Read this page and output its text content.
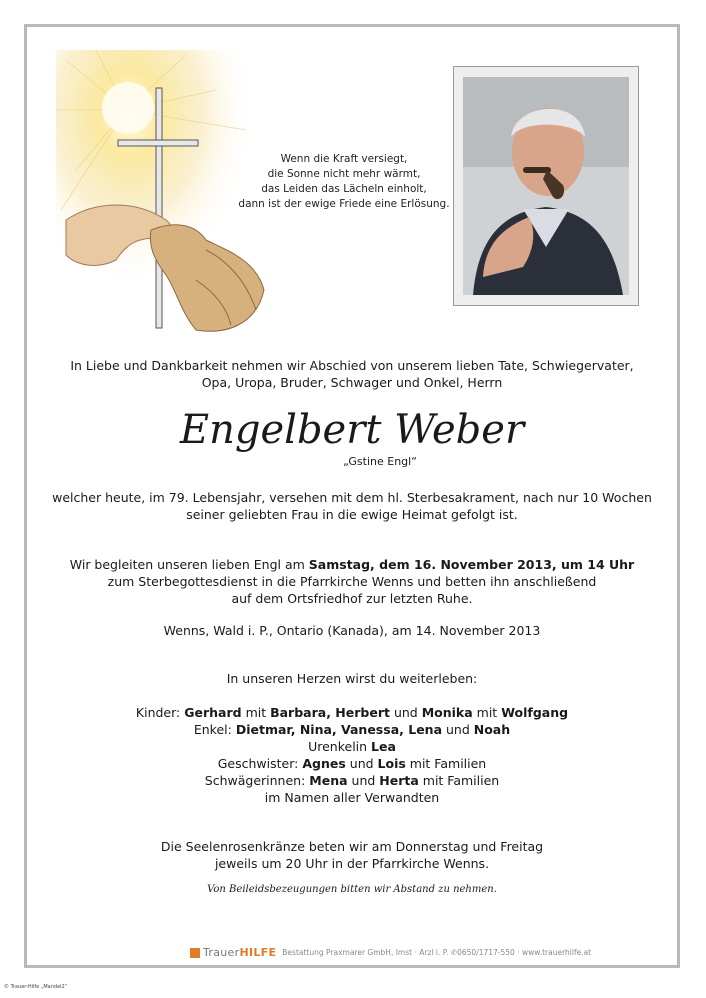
Wenn die Kraft versiegt,
die Sonne nicht mehr wärmt,
das Leiden das Lächeln einholt,
dann ist der ewige Friede eine Erlösung.
In Liebe und Dankbarkeit nehmen wir Abschied von unserem lieben Tate, Schwiegervater,
Opa, Uropa, Bruder, Schwager und Onkel, Herrn
Engelbert Weber
„Gstine Engl“
welcher heute, im 79. Lebensjahr, versehen mit dem hl. Sterbesakrament, nach nur 10 Wochen
seiner geliebten Frau in die ewige Heimat gefolgt ist.
Wir begleiten unseren lieben Engl am Samstag, dem 16. November 2013, um 14 Uhr
zum Sterbegottesdienst in die Pfarrkirche Wenns und betten ihn anschließend
auf dem Ortsfriedhof zur letzten Ruhe.
Wenns, Wald i. P., Ontario (Kanada), am 14. November 2013
In unseren Herzen wirst du weiterleben:
Kinder: Gerhard mit Barbara, Herbert und Monika mit Wolfgang
Enkel: Dietmar, Nina, Vanessa, Lena und Noah
Urenkelin Lea
Geschwister: Agnes und Lois mit Familien
Schwägerinnen: Mena und Herta mit Familien
im Namen aller Verwandten
Die Seelenrosenkränze beten wir am Donnerstag und Freitag
jeweils um 20 Uhr in der Pfarrkirche Wenns.
Von Beileidsbezeugungen bitten wir Abstand zu nehmen.
TrauerHILFE Bestattung Praxmarer GmbH, Imst · Arzl i. P. ✆0650/1717-550 · www.trauerhilfe.at
© Trauer-Hilfe „Mandel2“
